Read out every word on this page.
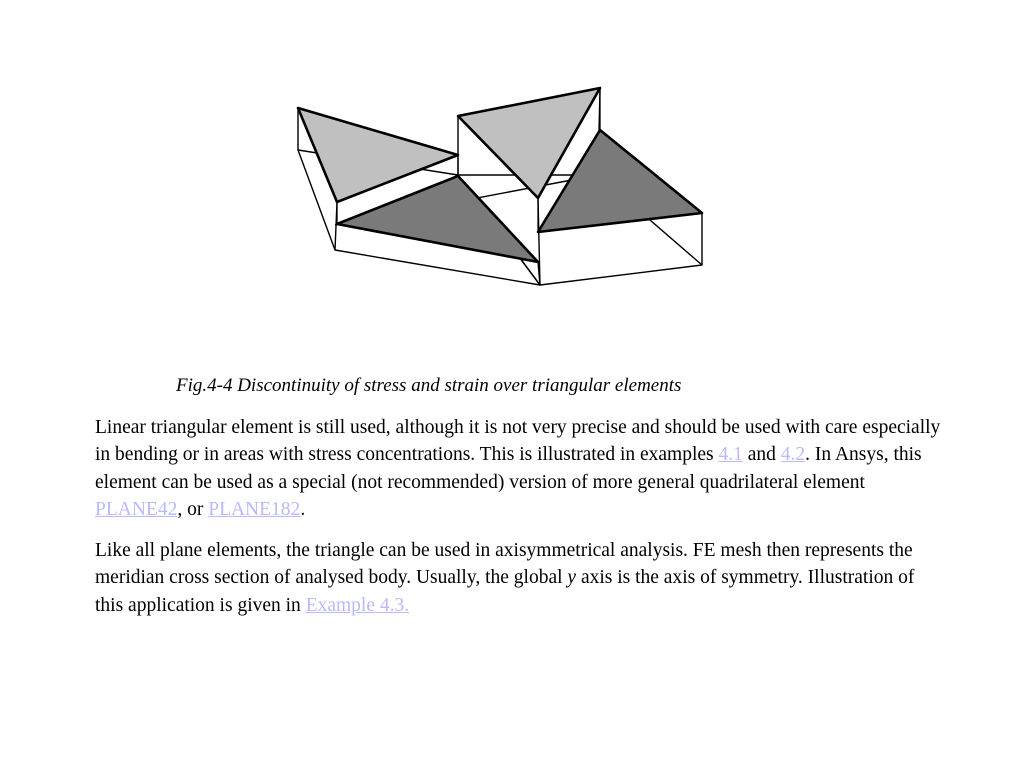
Fig.4-4 Discontinuity of stress and strain over triangular elements

Linear triangular element is still used, although it is not very precise and should be used with care especially in bending or in areas with stress concentrations. This is illustrated in examples 4.1 and 4.2. In Ansys, this element can be used as a special (not recommended) version of more general quadrilateral element PLANE42, or PLANE182.

Like all plane elements, the triangle can be used in axisymmetrical analysis. FE mesh then represents the meridian cross section of analysed body. Usually, the global y axis is the axis of symmetry. Illustration of this application is given in Example 4.3.
